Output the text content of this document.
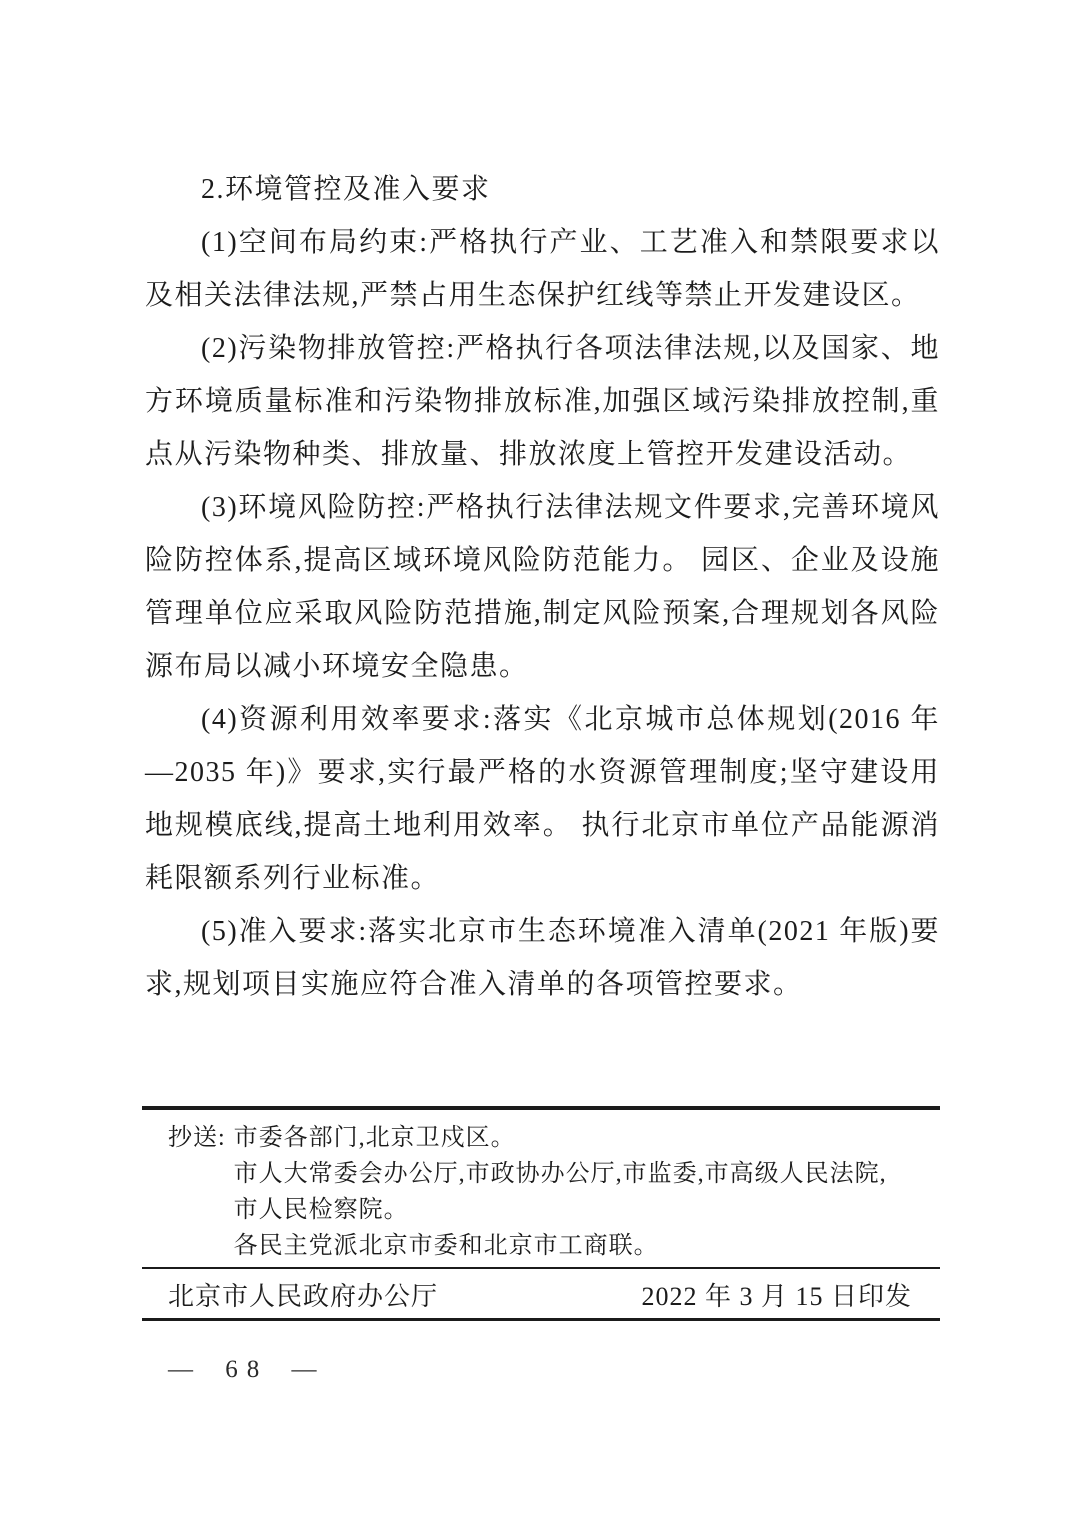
2.环境管控及准入要求
(1)空间布局约束:严格执行产业、工艺准入和禁限要求以及相关法律法规,严禁占用生态保护红线等禁止开发建设区。
(2)污染物排放管控:严格执行各项法律法规,以及国家、地方环境质量标准和污染物排放标准,加强区域污染排放控制,重点从污染物种类、排放量、排放浓度上管控开发建设活动。
(3)环境风险防控:严格执行法律法规文件要求,完善环境风险防控体系,提高区域环境风险防范能力。 园区、企业及设施管理单位应采取风险防范措施,制定风险预案,合理规划各风险源布局以减小环境安全隐患。
(4)资源利用效率要求:落实《北京城市总体规划(2016 年—2035 年)》要求,实行最严格的水资源管理制度;坚守建设用地规模底线,提高土地利用效率。 执行北京市单位产品能源消耗限额系列行业标准。
(5)准入要求:落实北京市生态环境准入清单(2021 年版)要求,规划项目实施应符合准入清单的各项管控要求。
抄送: 市委各部门,北京卫戍区。
市人大常委会办公厅,市政协办公厅,市监委,市高级人民法院,
市人民检察院。
各民主党派北京市委和北京市工商联。
北京市人民政府办公厅	2022 年 3 月 15 日印发
— 68 —
